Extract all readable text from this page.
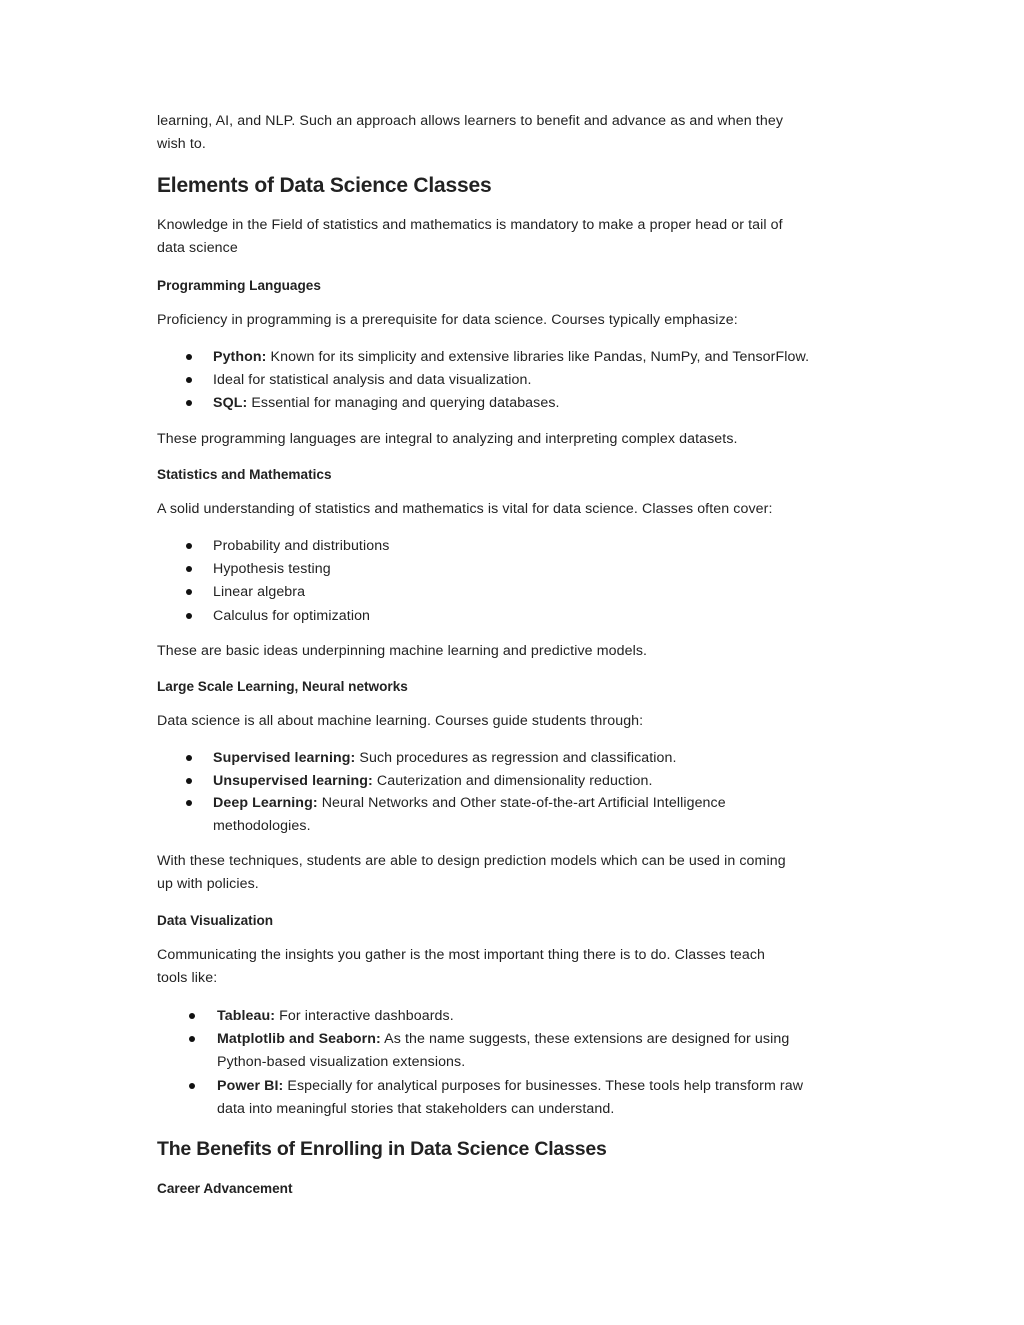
learning, AI, and NLP. Such an approach allows learners to benefit and advance as and when they

wish to.

Elements of Data Science Classes

Knowledge in the Field of statistics and mathematics is mandatory to make a proper head or tail of

data science

Programming Languages

Proficiency in programming is a prerequisite for data science. Courses typically emphasize:

Python: Known for its simplicity and extensive libraries like Pandas, NumPy, and TensorFlow.
Ideal for statistical analysis and data visualization.
SQL: Essential for managing and querying databases.

These programming languages are integral to analyzing and interpreting complex datasets.

Statistics and Mathematics

A solid understanding of statistics and mathematics is vital for data science. Classes often cover:

Probability and distributions
Hypothesis testing
Linear algebra
Calculus for optimization

These are basic ideas underpinning machine learning and predictive models.

Large Scale Learning, Neural networks

Data science is all about machine learning. Courses guide students through:

Supervised learning: Such procedures as regression and classification.
Unsupervised learning: Cauterization and dimensionality reduction.
Deep Learning: Neural Networks and Other state-of-the-art Artificial Intelligence
methodologies.

With these techniques, students are able to design prediction models which can be used in coming

up with policies.

Data Visualization

Communicating the insights you gather is the most important thing there is to do. Classes teach

tools like:

Tableau: For interactive dashboards.
Matplotlib and Seaborn: As the name suggests, these extensions are designed for using
Python-based visualization extensions.
Power BI: Especially for analytical purposes for businesses. These tools help transform raw
data into meaningful stories that stakeholders can understand.
The Benefits of Enrolling in Data Science Classes
Career Advancement
